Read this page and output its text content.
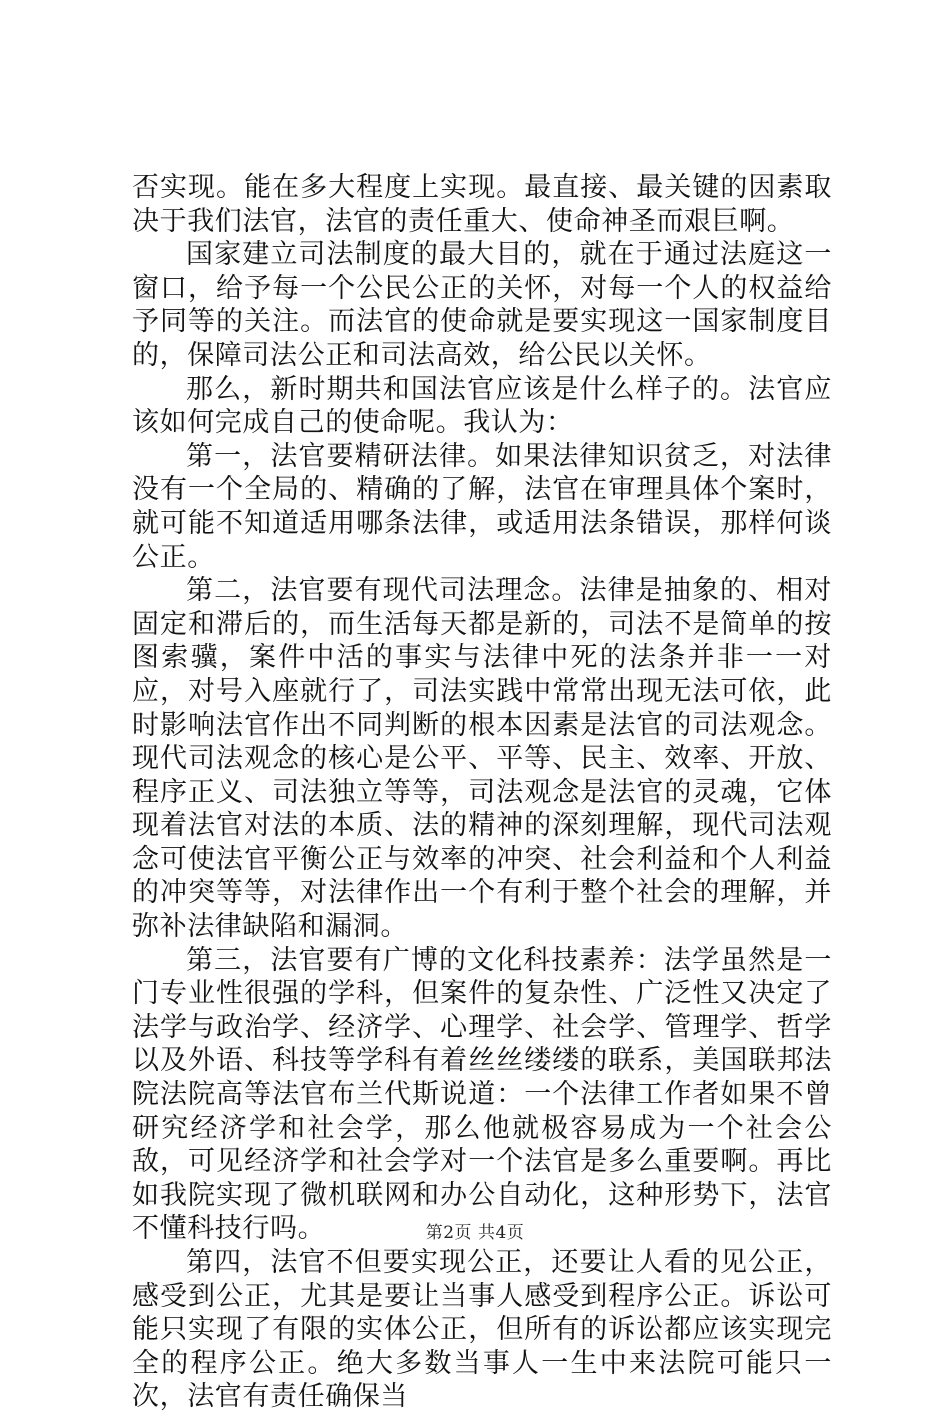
否实现。能在多大程度上实现。最直接、最关键的因素取决于我们法官，法官的责任重大、使命神圣而艰巨啊。

国家建立司法制度的最大目的，就在于通过法庭这一窗口，给予每一个公民公正的关怀，对每一个人的权益给予同等的关注。而法官的使命就是要实现这一国家制度目的，保障司法公正和司法高效，给公民以关怀。

那么，新时期共和国法官应该是什么样子的。法官应该如何完成自己的使命呢。我认为：

第一，法官要精研法律。如果法律知识贫乏，对法律没有一个全局的、精确的了解，法官在审理具体个案时，就可能不知道适用哪条法律，或适用法条错误，那样何谈公正。

第二，法官要有现代司法理念。法律是抽象的、相对固定和滞后的，而生活每天都是新的，司法不是简单的按图索骥，案件中活的事实与法律中死的法条并非一一对应，对号入座就行了，司法实践中常常出现无法可依，此时影响法官作出不同判断的根本因素是法官的司法观念。现代司法观念的核心是公平、平等、民主、效率、开放、程序正义、司法独立等等，司法观念是法官的灵魂，它体现着法官对法的本质、法的精神的深刻理解，现代司法观念可使法官平衡公正与效率的冲突、社会利益和个人利益的冲突等等，对法律作出一个有利于整个社会的理解，并弥补法律缺陷和漏洞。

第三，法官要有广博的文化科技素养：法学虽然是一门专业性很强的学科，但案件的复杂性、广泛性又决定了法学与政治学、经济学、心理学、社会学、管理学、哲学以及外语、科技等学科有着丝丝缕缕的联系，美国联邦法院法院高等法官布兰代斯说道：一个法律工作者如果不曾研究经济学和社会学，那么他就极容易成为一个社会公敌，可见经济学和社会学对一个法官是多么重要啊。再比如我院实现了微机联网和办公自动化，这种形势下，法官不懂科技行吗。

第四，法官不但要实现公正，还要让人看的见公正，感受到公正，尤其是要让当事人感受到程序公正。诉讼可能只实现了有限的实体公正，但所有的诉讼都应该实现完全的程序公正。绝大多数当事人一生中来法院可能只一次，法官有责任确保当

第2页 共4页
